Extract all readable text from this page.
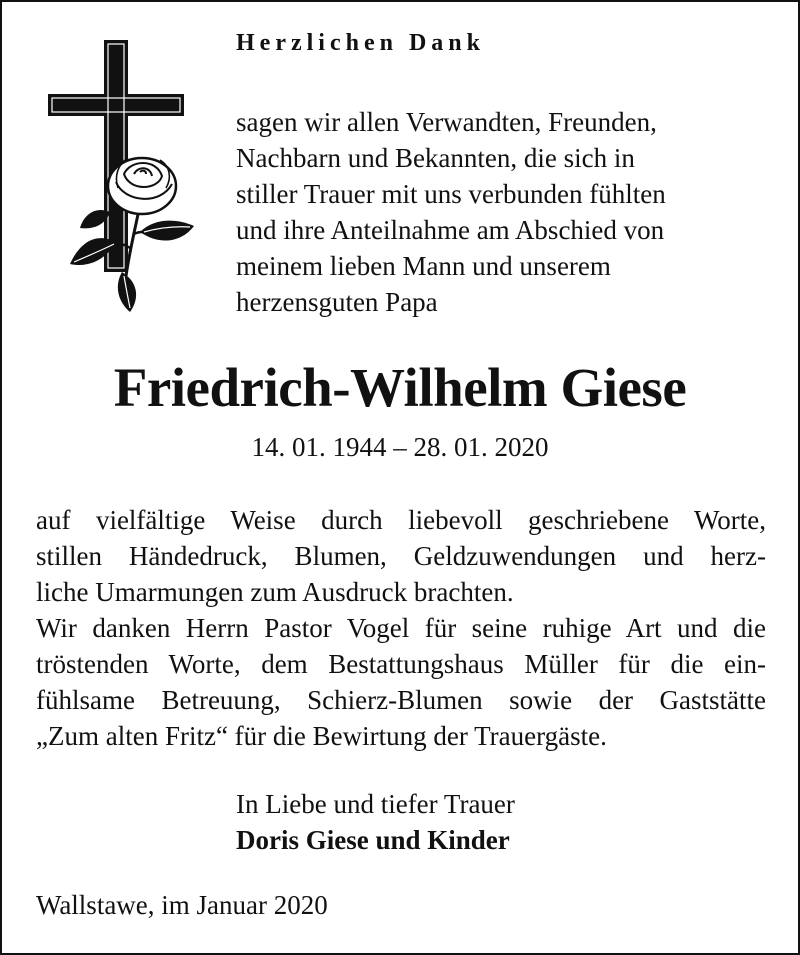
Herzlichen Dank

sagen wir allen Verwandten, Freunden,
Nachbarn und Bekannten, die sich in
stiller Trauer mit uns verbunden fühlten
und ihre Anteilnahme am Abschied von
meinem lieben Mann und unserem
herzensguten Papa

Friedrich-Wilhelm Giese

14. 01. 1944 – 28. 01. 2020

auf vielfältige Weise durch liebevoll geschriebene Worte,
stillen Händedruck, Blumen, Geldzuwendungen und herz-
liche Umarmungen zum Ausdruck brachten.
Wir danken Herrn Pastor Vogel für seine ruhige Art und die
tröstenden Worte, dem Bestattungshaus Müller für die ein-
fühlsame Betreuung, Schierz-Blumen sowie der Gaststätte
„Zum alten Fritz“ für die Bewirtung der Trauergäste.

In Liebe und tiefer Trauer
Doris Giese und Kinder

Wallstawe, im Januar 2020
